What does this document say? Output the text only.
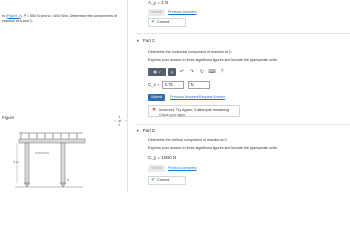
In (Figure 1), P = 650 N and w = 600 N/m. Determine the components of reaction at A and C.
Figure
<
1 of 1
>
3 m
C
A_y = 2 N
Submit	Previous Answers
✔ Correct
▼ Part C
Determine the horizontal component of reaction at C.
Express your answer to three significant figures and include the appropriate units.
▦ √	μ	↶	↷	↻ ⌨	?
C_x =	0.75	N
Submit	Previous Answers Request Answer
✕ Incorrect; Try Again; 3 attempts remaining
Check your signs.
▼ Part D
Determine the vertical component of reaction at C.
Express your answer to three significant figures and include the appropriate units.
C_y = 1800 N
Submit	Previous Answers
✔ Correct
